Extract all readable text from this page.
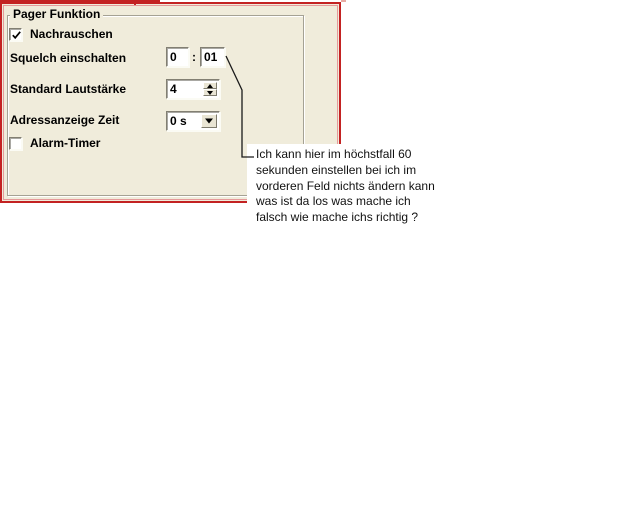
Pager Funktion
Nachrauschen
Squelch einschalten	0	: 01
Standard Lautstärke	4
Adressanzeige Zeit	0 s
Alarm-Timer
Ich kann hier im höchstfall 60
sekunden einstellen bei ich im
vorderen Feld nichts ändern kann
was ist da los was mache ich
falsch wie mache ichs richtig ?
